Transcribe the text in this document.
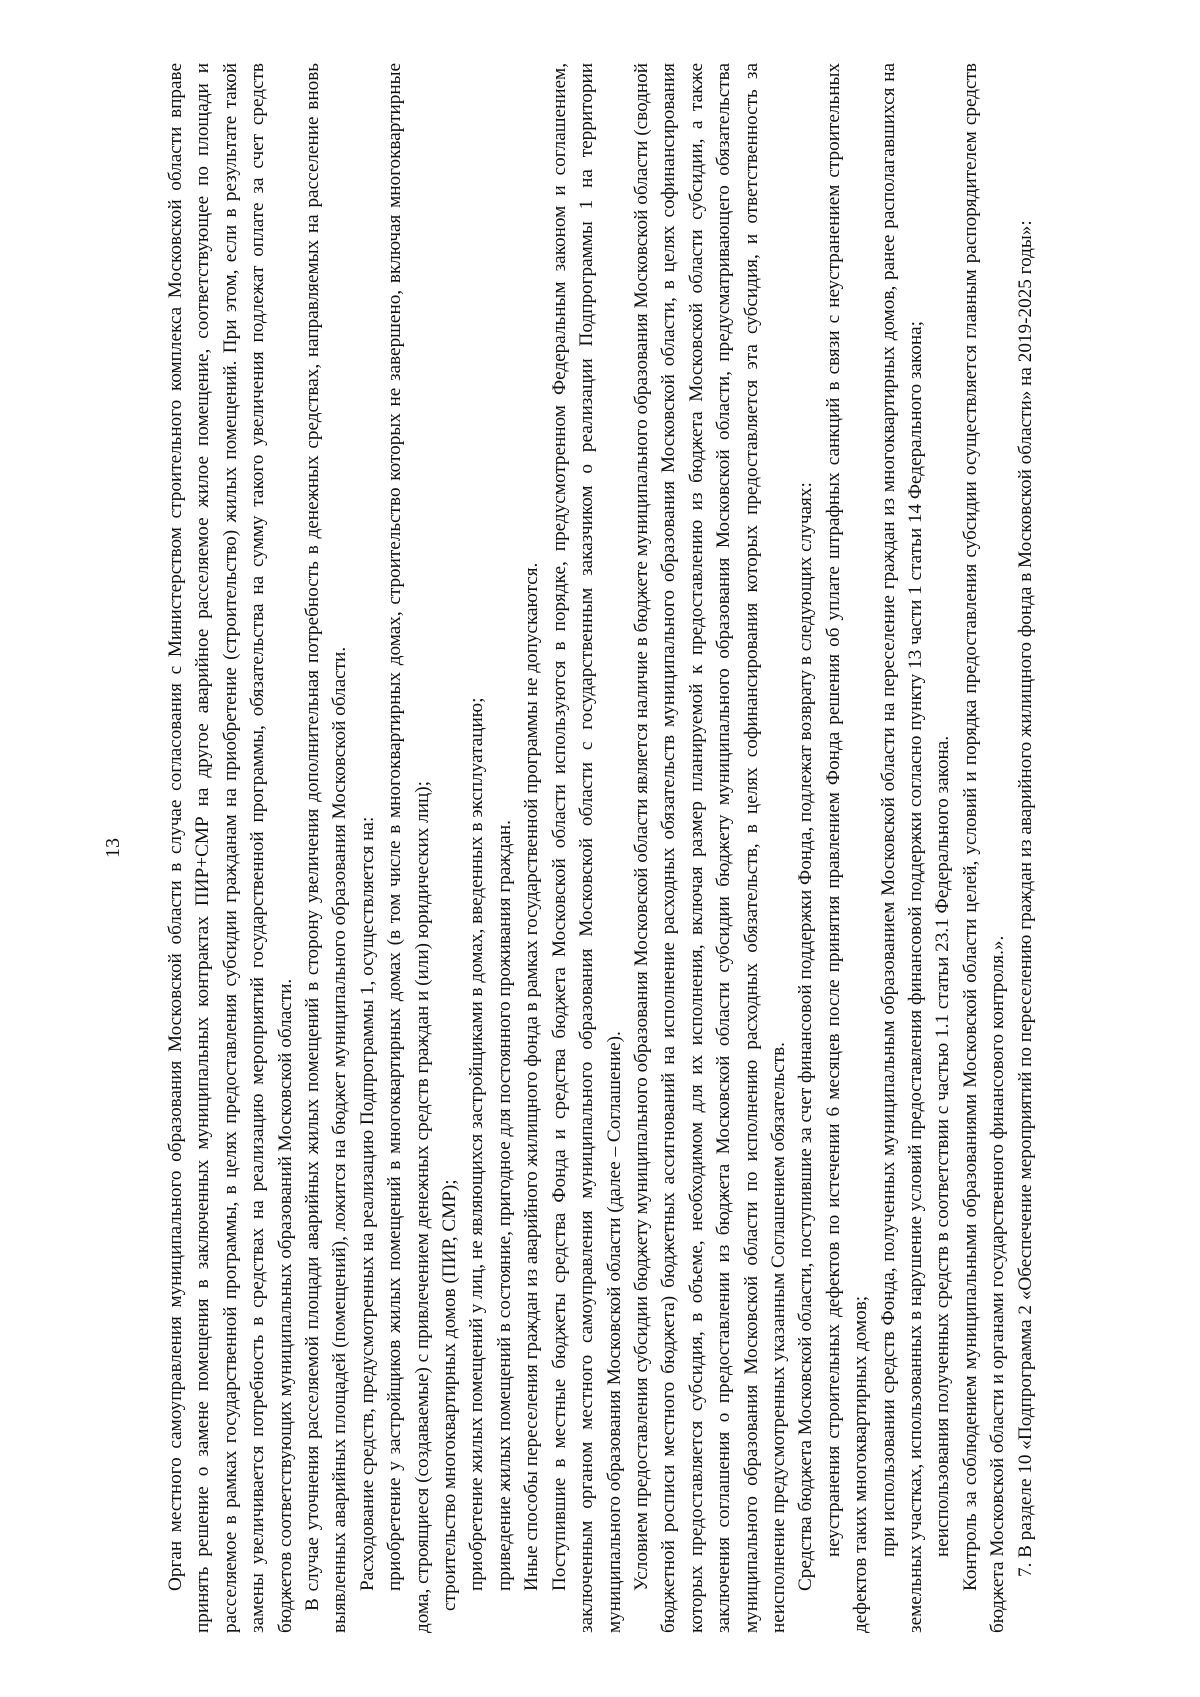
13 Орган местного самоуправления муниципального образования Московской области в случае согласования с Министерством строительного комплекса Московской области вправе принять решение о замене помещения в заключенных муниципальных контрактах ПИР+СМР на другое аварийное расселяемое жилое помещение, соответствующее по площади и расселяемое в рамках государственной программы, в целях предоставления субсидии гражданам на приобретение (строительство) жилых помещений. При этом, если в результате такой замены увеличивается потребность в средствах на реализацию мероприятий государственной программы, обязательства на сумму такого увеличения подлежат оплате за счет средств бюджетов соответствующих муниципальных образований Московской области. В случае уточнения расселяемой площади аварийных жилых помещений в сторону увеличения дополнительная потребность в денежных средствах, направляемых на расселение вновь выявленных аварийных площадей (помещений), ложится на бюджет муниципального образования Московской области. Расходование средств, предусмотренных на реализацию Подпрограммы 1, осуществляется на: приобретение у застройщиков жилых помещений в многоквартирных домах (в том числе в многоквартирных домах, строительство которых не завершено, включая многоквартирные дома, строящиеся (создаваемые) с привлечением денежных средств граждан и (или) юридических лиц); строительство многоквартирных домов (ПИР, СМР); приобретение жилых помещений у лиц, не являющихся застройщиками в домах, введенных в эксплуатацию; приведение жилых помещений в состояние, пригодное для постоянного проживания граждан. Иные способы переселения граждан из аварийного жилищного фонда в рамках государственной программы не допускаются. Поступившие в местные бюджеты средства Фонда и средства бюджета Московской области используются в порядке, предусмотренном Федеральным законом и соглашением, заключенным органом местного самоуправления муниципального образования Московской области с государственным заказчиком о реализации Подпрограммы 1 на территории муниципального образования Московской области (далее – Соглашение). Условием предоставления субсидии бюджету муниципального образования Московской области является наличие в бюджете муниципального образования Московской области (сводной бюджетной росписи местного бюджета) бюджетных ассигнований на исполнение расходных обязательств муниципального образования Московской области, в целях софинансирования которых предоставляется субсидия, в объеме, необходимом для их исполнения, включая размер планируемой к предоставлению из бюджета Московской области субсидии, а также заключения соглашения о предоставлении из бюджета Московской области субсидии бюджету муниципального образования Московской области, предусматривающего обязательства муниципального образования Московской области по исполнению расходных обязательств, в целях софинансирования которых предоставляется эта субсидия, и ответственность за неисполнение предусмотренных указанным Соглашением обязательств. Средства бюджета Московской области, поступившие за счет финансовой поддержки Фонда, подлежат возврату в следующих случаях: неустранения строительных дефектов по истечении 6 месяцев после принятия правлением Фонда решения об уплате штрафных санкций в связи с неустранением строительных дефектов таких многоквартирных домов; при использовании средств Фонда, полученных муниципальным образованием Московской области на переселение граждан из многоквартирных домов, ранее располагавшихся на земельных участках, использованных в нарушение условий предоставления финансовой поддержки согласно пункту 13 части 1 статьи 14 Федерального закона; неиспользования полученных средств в соответствии с частью 1.1 статьи 23.1 Федерального закона. Контроль за соблюдением муниципальными образованиями Московской области целей, условий и порядка предоставления субсидии осуществляется главным распорядителем средств бюджета Московской области и органами государственного финансового контроля.». 7. В разделе 10 «Подпрограмма 2 «Обеспечение мероприятий по переселению граждан из аварийного жилищного фонда в Московской области» на 2019-2025 годы»:
